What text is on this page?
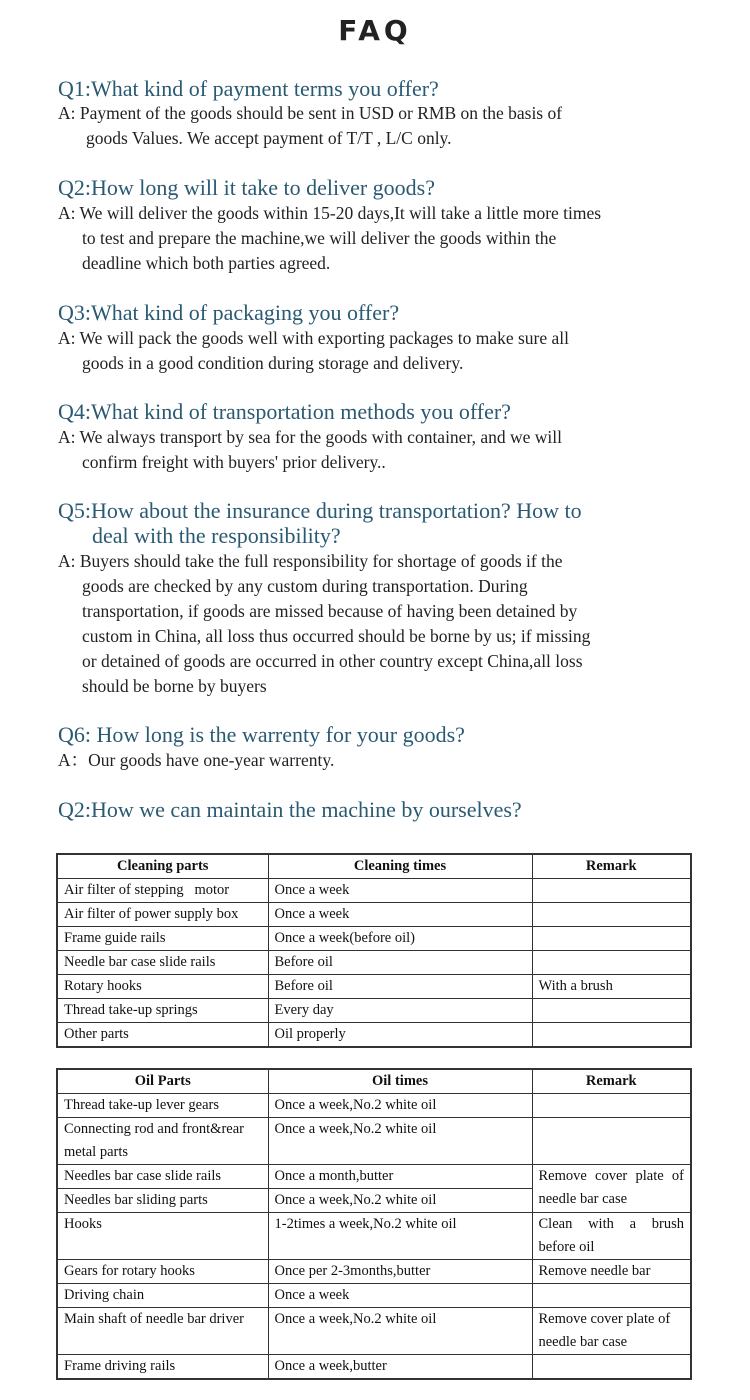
FAQ
Q1:What kind of payment terms you offer?
A: Payment of the goods should be sent in USD or RMB on the basis of
goods Values. We accept payment of T/T , L/C only.
Q2:How long will it take to deliver goods?
A: We will deliver the goods within 15-20 days,It will take a little more times
to test and prepare the machine,we will deliver the goods within the
deadline which both parties agreed.
Q3:What kind of packaging you offer?
A: We will pack the goods well with exporting packages to make sure all
goods in a good condition during storage and delivery.
Q4:What kind of transportation methods you offer?
A: We always transport by sea for the goods with container, and we will
confirm freight with buyers' prior delivery..
Q5:How about the insurance during transportation? How to
deal with the responsibility?
A: Buyers should take the full responsibility for shortage of goods if the
goods are checked by any custom during transportation. During
transportation, if goods are missed because of having been detained by
custom in China, all loss thus occurred should be borne by us; if missing
or detained of goods are occurred in other country except China,all loss
should be borne by buyers
Q6: How long is the warrenty for your goods?
A：Our goods have one-year warrenty.
Q2:How we can maintain the machine by ourselves?
Cleaning parts	Cleaning times	Remark
Air filter of stepping   motor	Once a week	
Air filter of power supply box	Once a week	
Frame guide rails	Once a week(before oil)	
Needle bar case slide rails	Before oil	
Rotary hooks	Before oil	With a brush
Thread take-up springs	Every day	
Other parts	Oil properly	
Oil Parts	Oil times	Remark
Thread take-up lever gears	Once a week,No.2 white oil	
Connecting rod and front&rear metal parts	Once a week,No.2 white oil	
Needles bar case slide rails	Once a month,butter	Remove cover plate of needle bar case
Needles bar sliding parts	Once a week,No.2 white oil	
Hooks	1-2times a week,No.2 white oil	Clean with a brush before oil
Gears for rotary hooks	Once per 2-3months,butter	Remove needle bar
Driving chain	Once a week	
Main shaft of needle bar driver	Once a week,No.2 white oil	Remove cover plate of needle bar case
Frame driving rails	Once a week,butter	
